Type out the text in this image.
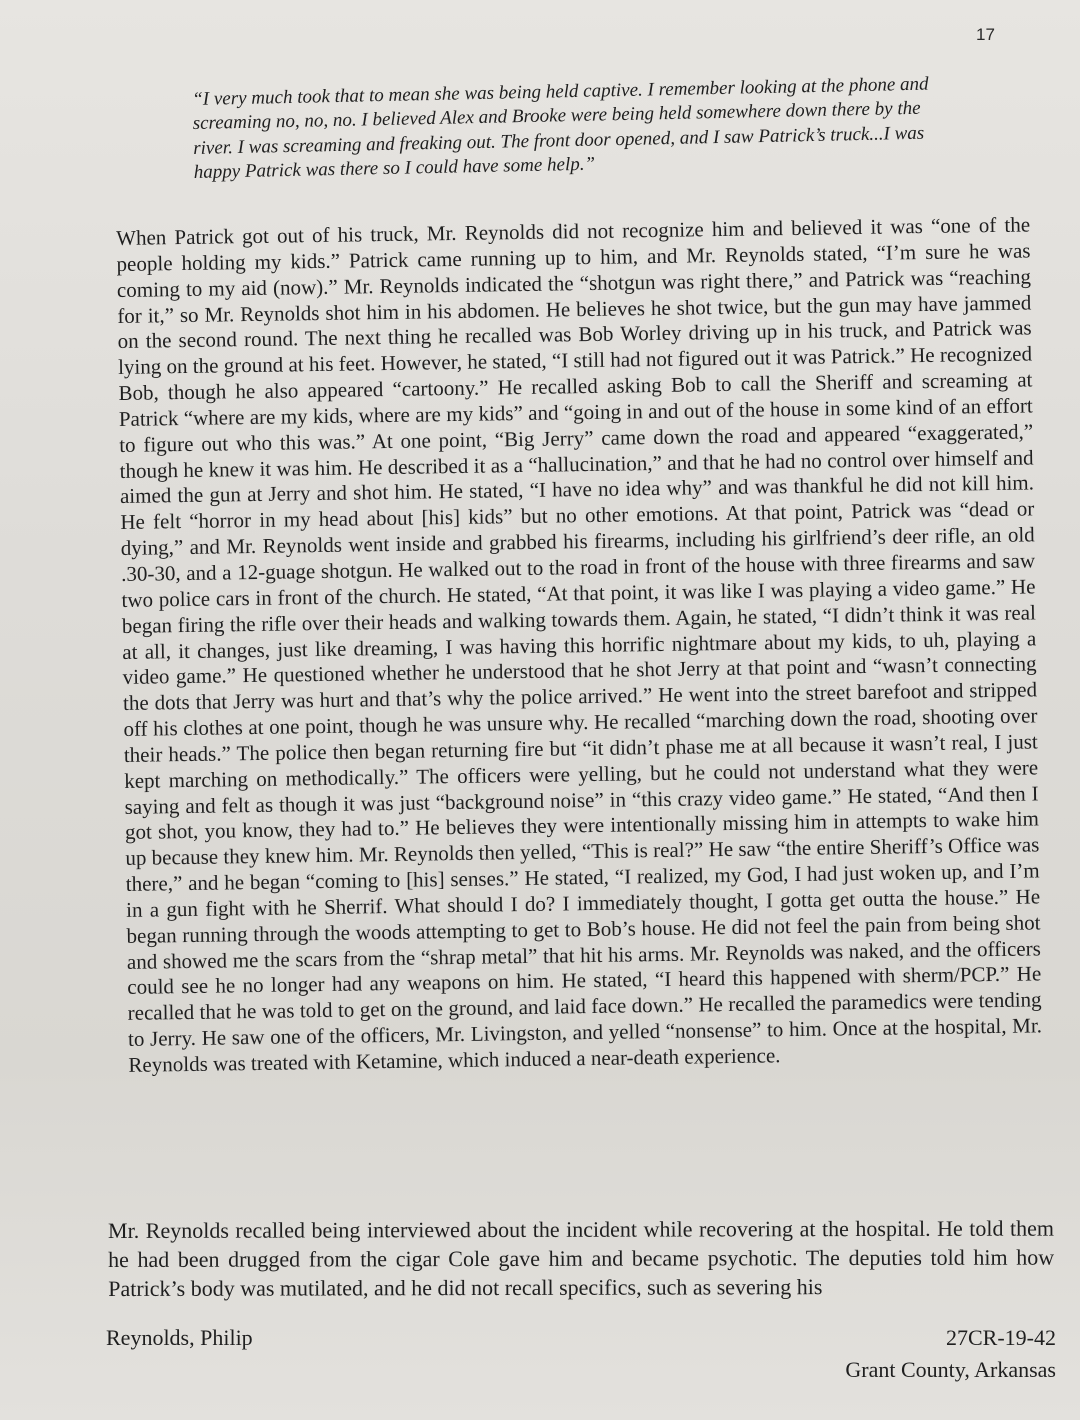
17

“I very much took that to mean she was being held captive. I remember looking at the phone and screaming no, no, no. I believed Alex and Brooke were being held somewhere down there by the river. I was screaming and freaking out. The front door opened, and I saw Patrick’s truck...I was happy Patrick was there so I could have some help.”

When Patrick got out of his truck, Mr. Reynolds did not recognize him and believed it was “one of the people holding my kids.” Patrick came running up to him, and Mr. Reynolds stated, “I’m sure he was coming to my aid (now).” Mr. Reynolds indicated the “shotgun was right there,” and Patrick was “reaching for it,” so Mr. Reynolds shot him in his abdomen. He believes he shot twice, but the gun may have jammed on the second round. The next thing he recalled was Bob Worley driving up in his truck, and Patrick was lying on the ground at his feet. However, he stated, “I still had not figured out it was Patrick.” He recognized Bob, though he also appeared “cartoony.” He recalled asking Bob to call the Sheriff and screaming at Patrick “where are my kids, where are my kids” and “going in and out of the house in some kind of an effort to figure out who this was.” At one point, “Big Jerry” came down the road and appeared “exaggerated,” though he knew it was him. He described it as a “hallucination,” and that he had no control over himself and aimed the gun at Jerry and shot him. He stated, “I have no idea why” and was thankful he did not kill him. He felt “horror in my head about [his] kids” but no other emotions. At that point, Patrick was “dead or dying,” and Mr. Reynolds went inside and grabbed his firearms, including his girlfriend’s deer rifle, an old .30-30, and a 12-guage shotgun. He walked out to the road in front of the house with three firearms and saw two police cars in front of the church. He stated, “At that point, it was like I was playing a video game.” He began firing the rifle over their heads and walking towards them. Again, he stated, “I didn’t think it was real at all, it changes, just like dreaming, I was having this horrific nightmare about my kids, to uh, playing a video game.” He questioned whether he understood that he shot Jerry at that point and “wasn’t connecting the dots that Jerry was hurt and that’s why the police arrived.” He went into the street barefoot and stripped off his clothes at one point, though he was unsure why. He recalled “marching down the road, shooting over their heads.” The police then began returning fire but “it didn’t phase me at all because it wasn’t real, I just kept marching on methodically.” The officers were yelling, but he could not understand what they were saying and felt as though it was just “background noise” in “this crazy video game.” He stated, “And then I got shot, you know, they had to.” He believes they were intentionally missing him in attempts to wake him up because they knew him. Mr. Reynolds then yelled, “This is real?” He saw “the entire Sheriff’s Office was there,” and he began “coming to [his] senses.” He stated, “I realized, my God, I had just woken up, and I’m in a gun fight with he Sherrif. What should I do? I immediately thought, I gotta get outta the house.” He began running through the woods attempting to get to Bob’s house. He did not feel the pain from being shot and showed me the scars from the “shrap metal” that hit his arms. Mr. Reynolds was naked, and the officers could see he no longer had any weapons on him. He stated, “I heard this happened with sherm/PCP.” He recalled that he was told to get on the ground, and laid face down.” He recalled the paramedics were tending to Jerry. He saw one of the officers, Mr. Livingston, and yelled “nonsense” to him. Once at the hospital, Mr. Reynolds was treated with Ketamine, which induced a near-death experience.

Mr. Reynolds recalled being interviewed about the incident while recovering at the hospital. He told them he had been drugged from the cigar Cole gave him and became psychotic. The deputies told him how Patrick’s body was mutilated, and he did not recall specifics, such as severing his

Reynolds, Philip	27CR-19-42
Grant County, Arkansas
